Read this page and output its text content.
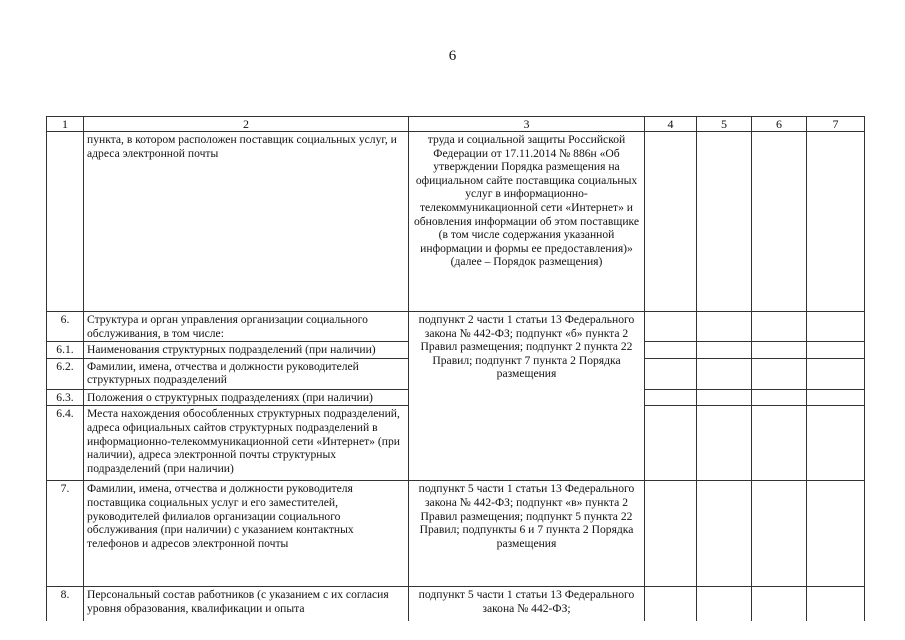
6
1	2	3	4	5	6	7
	пункта, в котором расположен поставщик социальных услуг, и адреса электронной почты	труда и социальной защиты Российской Федерации от 17.11.2014 № 886н «Об утверждении Порядка размещения на официальном сайте поставщика социальных услуг в информационно-телекоммуникационной сети «Интернет» и обновления информации об этом поставщике (в том числе содержания указанной информации и формы ее предоставления)» (далее – Порядок размещения)				
6.	Структура и орган управления организации социального обслуживания, в том числе:	подпункт 2 части 1 статьи 13 Федерального закона № 442-ФЗ; подпункт «б» пункта 2 Правил размещения; подпункт 2 пункта 22 Правил; подпункт 7 пункта 2 Порядка размещения				
6.1.	Наименования структурных подразделений (при наличии)					
6.2.	Фамилии, имена, отчества и должности руководителей структурных подразделений					
6.3.	Положения о структурных подразделениях (при наличии)					
6.4.	Места нахождения обособленных структурных подразделений, адреса официальных сайтов структурных подразделений в информационно-телекоммуникационной сети «Интернет» (при наличии), адреса электронной почты структурных подразделений (при наличии)					
7.	Фамилии, имена, отчества и должности руководителя поставщика социальных услуг и его заместителей, руководителей филиалов организации социального обслуживания (при наличии) с указанием контактных телефонов и адресов электронной почты	подпункт 5 части 1 статьи 13 Федерального закона № 442-ФЗ; подпункт «в» пункта 2 Правил размещения; подпункт 5 пункта 22 Правил; подпункты 6 и 7 пункта 2 Порядка размещения				
8.	Персональный состав работников (с указанием с их согласия уровня образования, квалификации и опыта	подпункт 5 части 1 статьи 13 Федерального закона № 442-ФЗ;				
